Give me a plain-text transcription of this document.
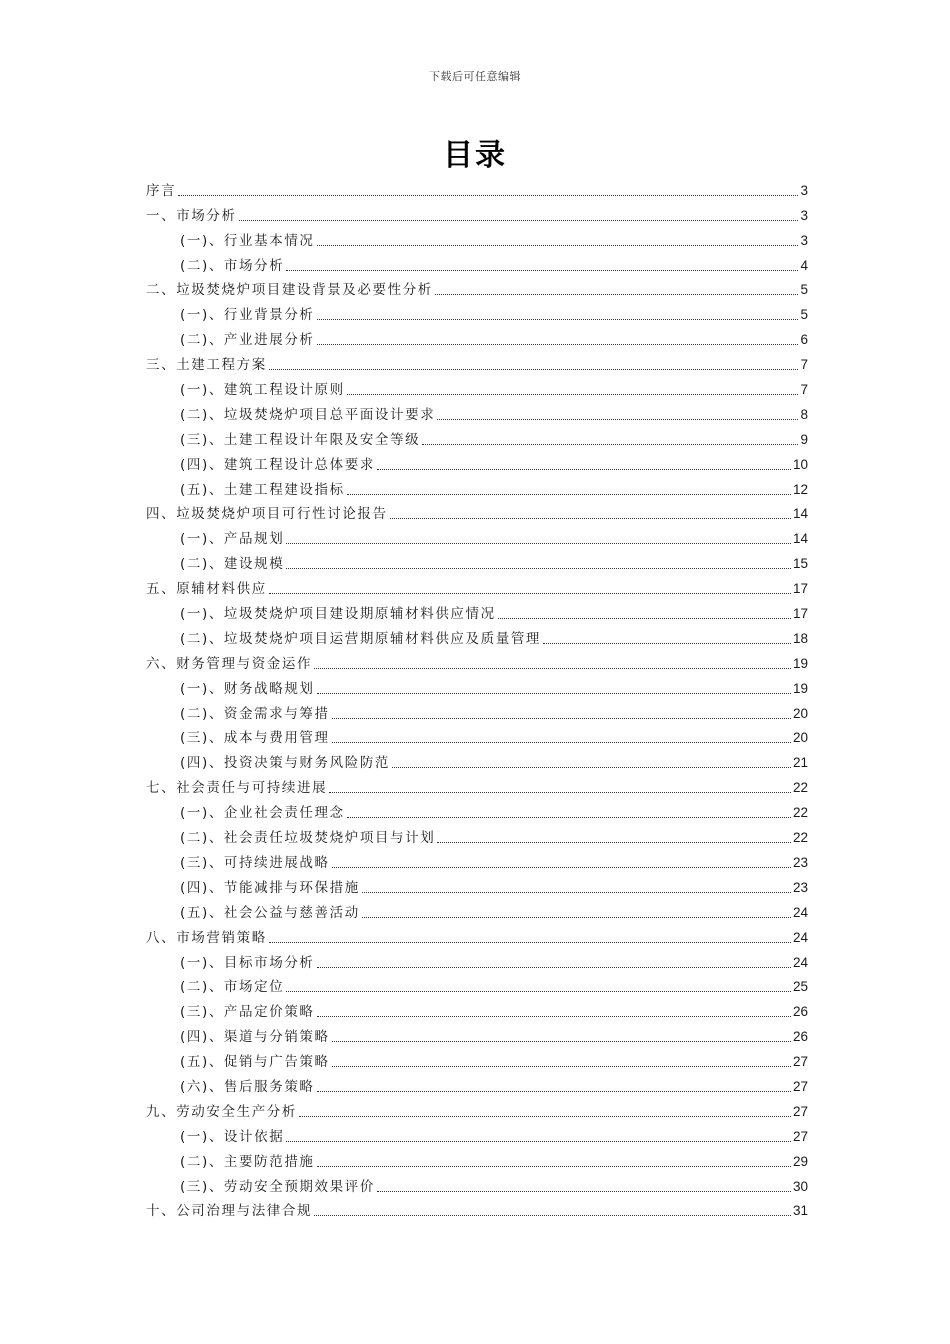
下载后可任意编辑
目录
序言	3
一、市场分析	3
(一)、行业基本情况	3
(二)、市场分析	4
二、垃圾焚烧炉项目建设背景及必要性分析	5
(一)、行业背景分析	5
(二)、产业进展分析	6
三、土建工程方案	7
(一)、建筑工程设计原则	7
(二)、垃圾焚烧炉项目总平面设计要求	8
(三)、土建工程设计年限及安全等级	9
(四)、建筑工程设计总体要求	10
(五)、土建工程建设指标	12
四、垃圾焚烧炉项目可行性讨论报告	14
(一)、产品规划	14
(二)、建设规模	15
五、原辅材料供应	17
(一)、垃圾焚烧炉项目建设期原辅材料供应情况	17
(二)、垃圾焚烧炉项目运营期原辅材料供应及质量管理	18
六、财务管理与资金运作	19
(一)、财务战略规划	19
(二)、资金需求与筹措	20
(三)、成本与费用管理	20
(四)、投资决策与财务风险防范	21
七、社会责任与可持续进展	22
(一)、企业社会责任理念	22
(二)、社会责任垃圾焚烧炉项目与计划	22
(三)、可持续进展战略	23
(四)、节能减排与环保措施	23
(五)、社会公益与慈善活动	24
八、市场营销策略	24
(一)、目标市场分析	24
(二)、市场定位	25
(三)、产品定价策略	26
(四)、渠道与分销策略	26
(五)、促销与广告策略	27
(六)、售后服务策略	27
九、劳动安全生产分析	27
(一)、设计依据	27
(二)、主要防范措施	29
(三)、劳动安全预期效果评价	30
十、公司治理与法律合规	31
